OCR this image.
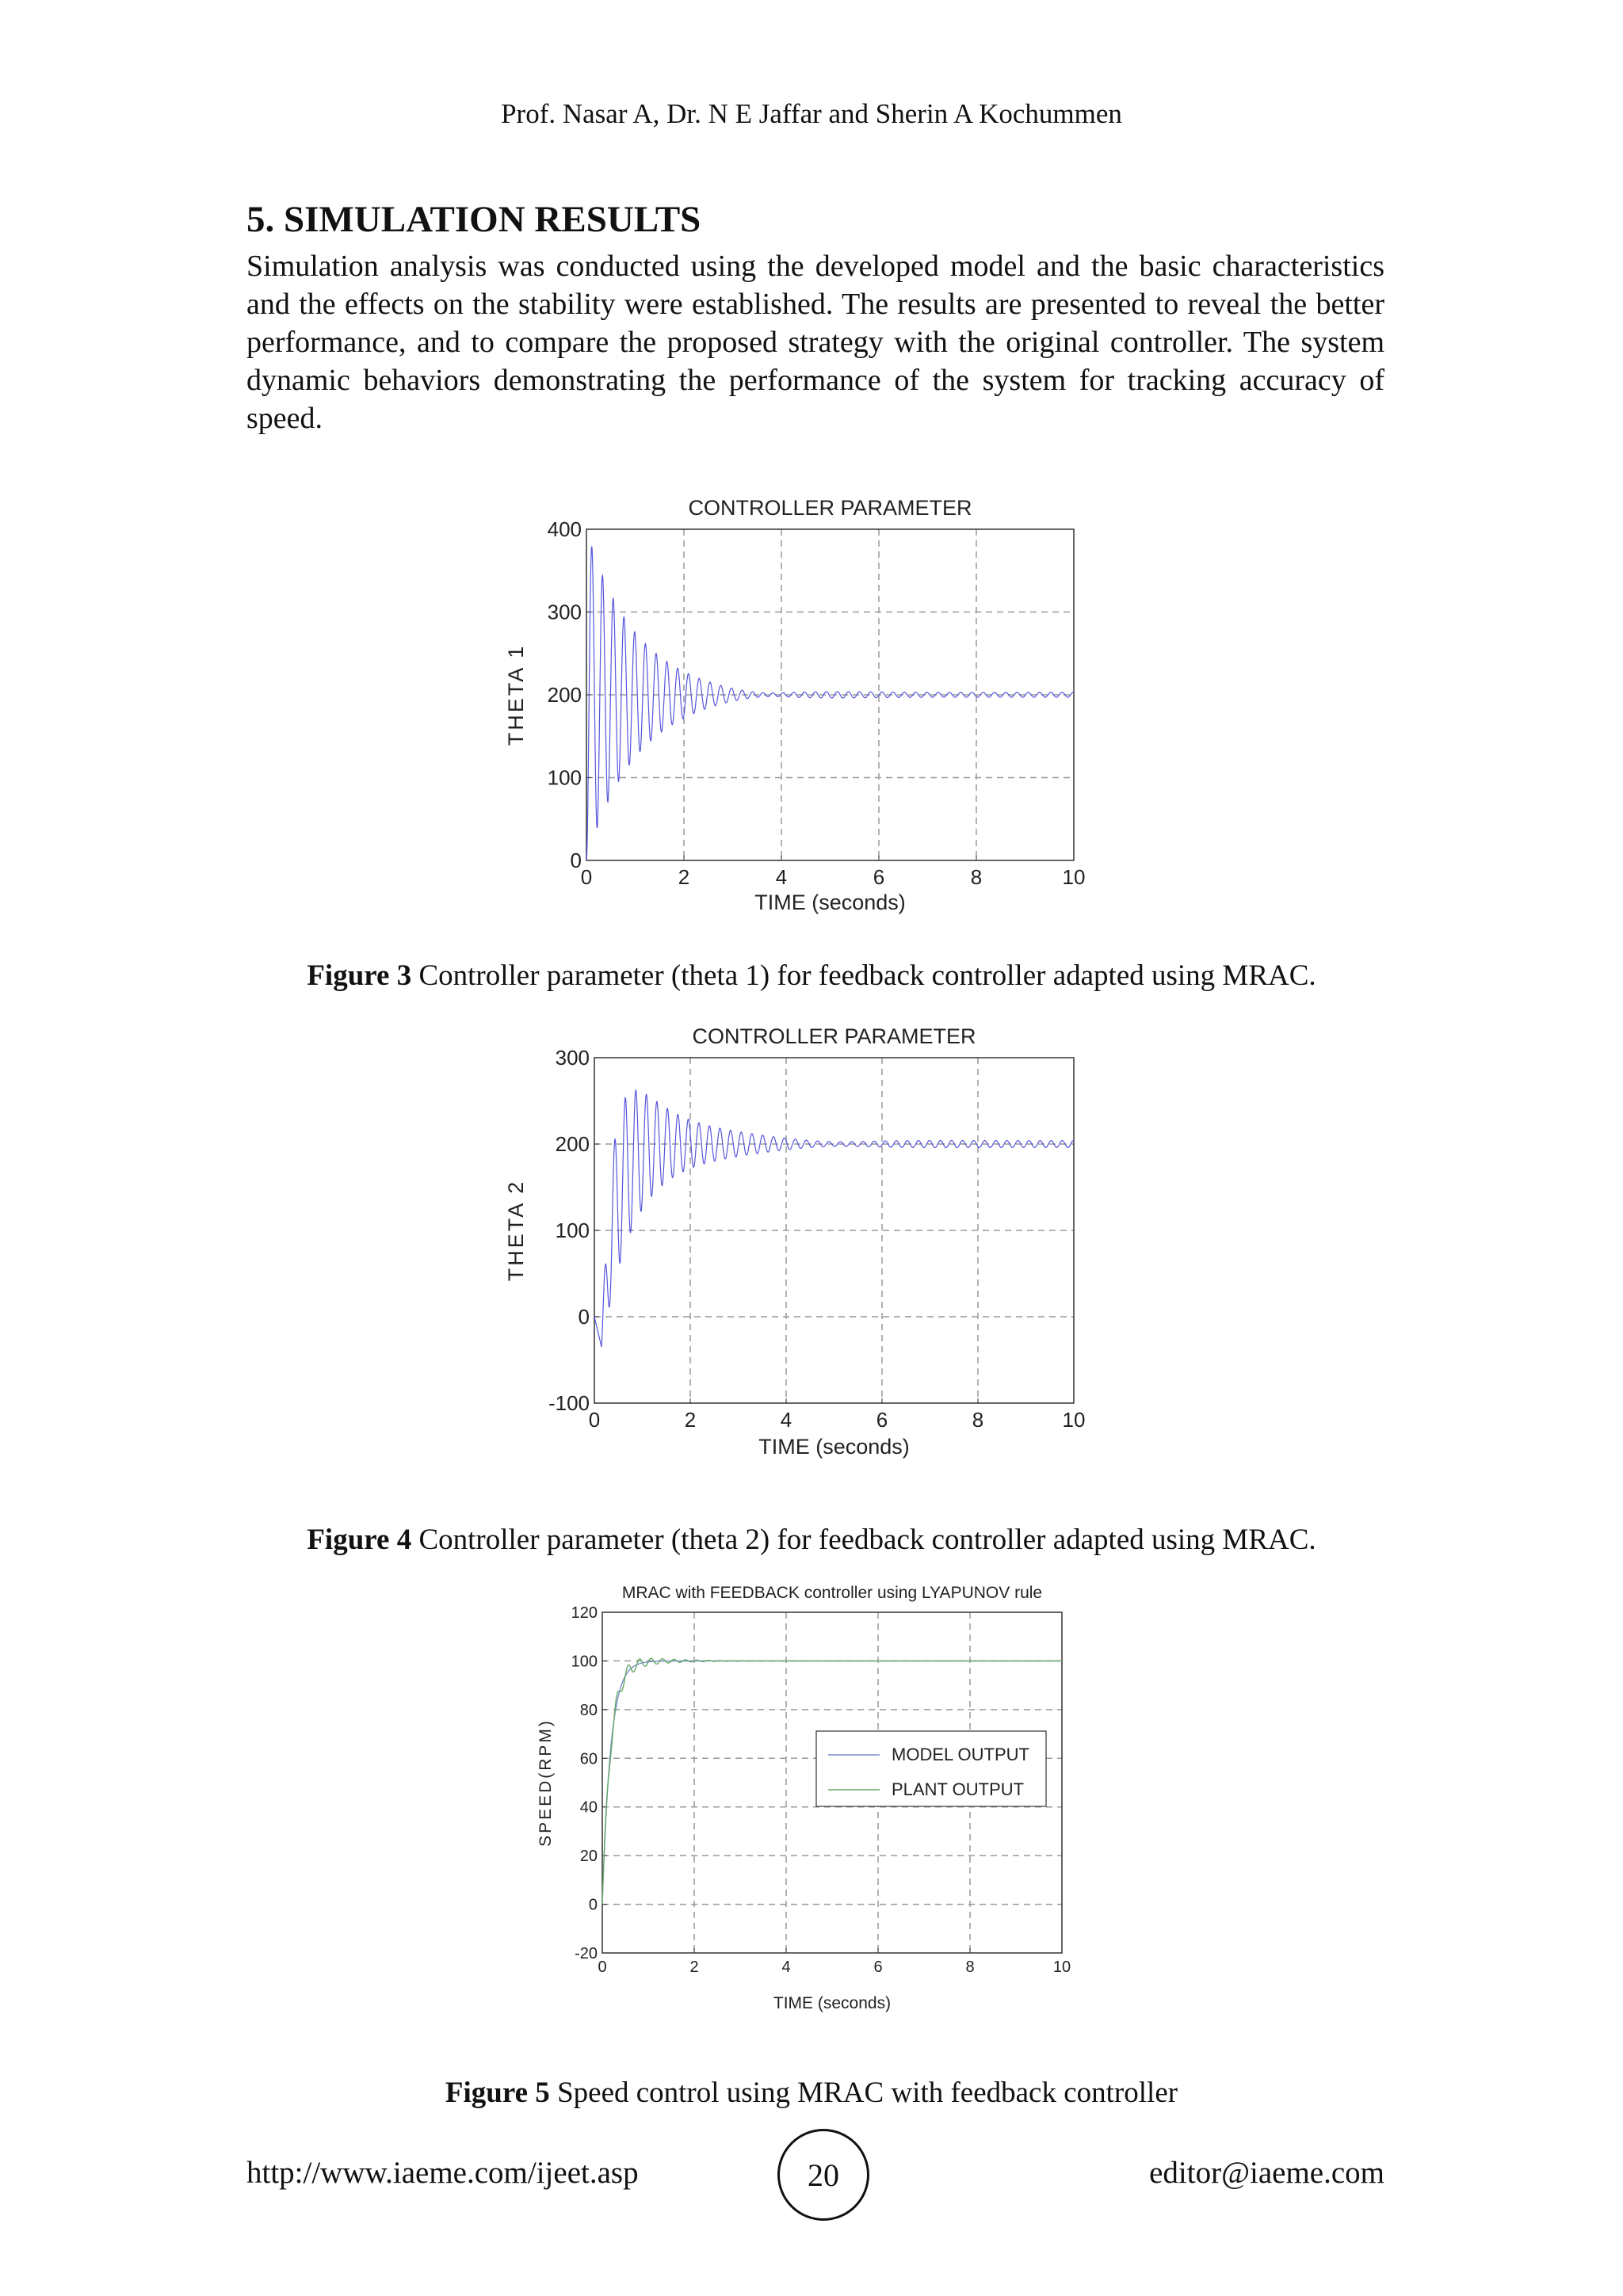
Prof. Nasar A, Dr. N E Jaffar and Sherin A Kochummen
5. SIMULATION RESULTS

Simulation analysis was conducted using the developed model and the basic characteristics and the effects on the stability were established. The results are presented to reveal the better performance, and to compare the proposed strategy with the original controller. The system dynamic behaviors demonstrating the performance of the system for tracking accuracy of speed.

CONTROLLER PARAMETER
0	2	4	6	8	10
0
100
200
300
400
TIME (seconds)
THETA 1
Figure 3 Controller parameter (theta 1) for feedback controller adapted using MRAC.
CONTROLLER PARAMETER
0	2	4	6	8	10
-100
0
100
200
300
TIME (seconds)
THETA 2
Figure 4 Controller parameter (theta 2) for feedback controller adapted using MRAC.
MRAC with FEEDBACK controller using LYAPUNOV rule
0	2	4	6	8	10
-20
0
20
40
60
80
100
120
TIME (seconds)
SPEED(RPM)	MODEL OUTPUT
PLANT OUTPUT
Figure 5 Speed control using MRAC with feedback controller
http://www.iaeme.com/ijeet.asp	20	editor@iaeme.com
